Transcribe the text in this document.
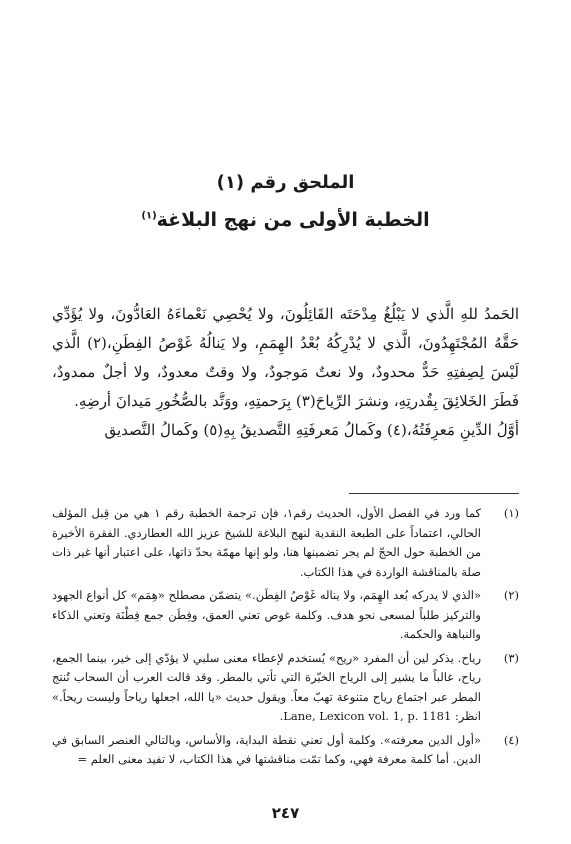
الملحق رقم (١)
الخطبة الأولى من نهج البلاغة$^{(١)}$

الحَمدُ للهِ الَّذي لا يَبْلُغُ مِدْحَتَه القَائِلُونَ، ولا يُحْصِي نَعْماءَهُ العَادُّونَ، ولا يُؤَدِّي حَقَّهُ المُجْتَهِدُونَ، الَّذي لا يُدْرِكُهُ بُعْدُ الهِمَمِ، ولا يَنالُهُ غَوْصُ الفِطَنِ،(٢) الَّذي لَيْسَ لِصِفتِهِ حَدٌّ محدودٌ، ولا نعتٌ مَوجودٌ، ولا وقتٌ معدودٌ، ولا أجلٌ ممدودٌ، فَطَرَ الخَلائِقَ بِقُدرتِهِ، ونشرَ الرِّياحَ(٣) بِرَحمتِهِ، ووَتَّد بالصُّخُورِ مَيدانَ أرضِهِ.

أوَّلُ الدِّينِ مَعرِفَتُهُ،(٤) وكَمالُ مَعرفَتِهِ التَّصديقُ بِهِ(٥) وكَمالُ التَّصديق

(١)
كما ورد في الفصل الأول، الحديث رقم١، فإن ترجمة الخطبة رقم ١ هي من قِبل المؤلف الحالي، اعتماداً على الطبعة النقدية لنهج البلاغة للشيخ عزيز الله العطاردي. الفقرة الأخيرة من الخطبة حول الحجّ لم يجر تضمينها هنا، ولو إنها مهمّة بحدّ ذاتها، على اعتبار أنها غير ذات صلة بالمناقشة الواردة في هذا الكتاب.
(٢)
«الذي لا يدركه بُعد الهِمَم، ولا يناله غَوْصُ الفِطَن.» يتضمّن مصطلح «هِمَم» كل أنواع الجهود والتركيز طلباً لمسعى نحو هدف. وكلمة غوص تعني العمق، وفِطَن جمع فِطْنَة وتعني الذكاء والنباهة والحكمة.
(٣)
رياح. يذكر لين أن المفرد «ريح» يُستخدم لإعطاء معنى سلبي لا يؤدّي إلى خير، بينما الجمع، رياح، غالباً ما يشير إلى الرياح الخيّرة التي تأتي بالمطر. وقد قالت العرب أن السحاب تُنتج المطر عبر اجتماع رياح متنوعة تهبّ معاً. ويقول حديث «يا الله، اجعلها رياحاً وليست ريحاً.» انظر: Lane, Lexicon vol. 1, p. 1181.
(٤)
«أول الدين معرفته». وكلمة أول تعني نقطة البداية، والأساس، وبالتالي العنصر السابق في الدين. أما كلمة معرفة فهي، وكما تمّت مناقشتها في هذا الكتاب، لا تفيد معنى العلم =
٢٤٧
